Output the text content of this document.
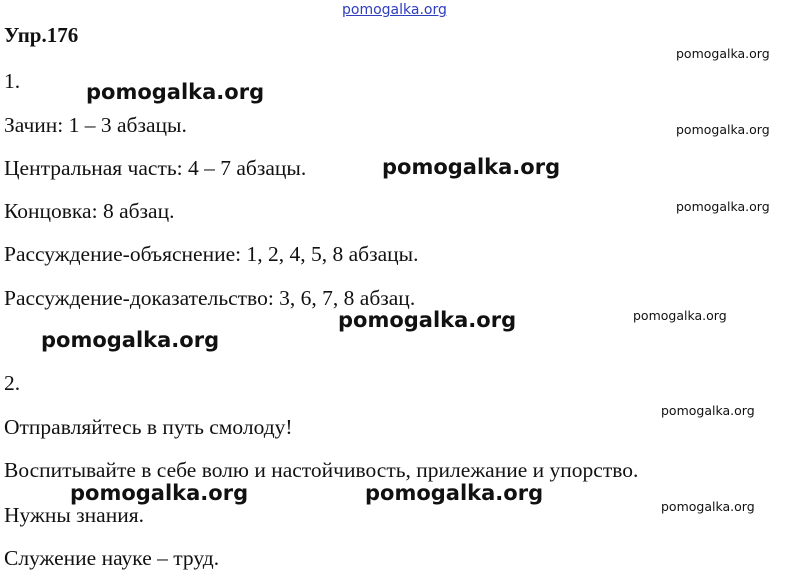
pomogalka.org
Упр.176
1.
Зачин: 1 – 3 абзацы.
Центральная часть: 4 – 7 абзацы.
Концовка: 8 абзац.
Рассуждение-объяснение: 1, 2, 4, 5, 8 абзацы.
Рассуждение-доказательство: 3, 6, 7, 8 абзац.
2.
Отправляйтесь в путь смолоду!
Воспитывайте в себе волю и настойчивость, прилежание и упорство.
Нужны знания.
Служение науке – труд.
pomogalka.org
pomogalka.org
pomogalka.org
pomogalka.org
pomogalka.org	pomogalka.org
pomogalka.org
pomogalka.org
pomogalka.org
pomogalka.org
pomogalka.org
pomogalka.org
